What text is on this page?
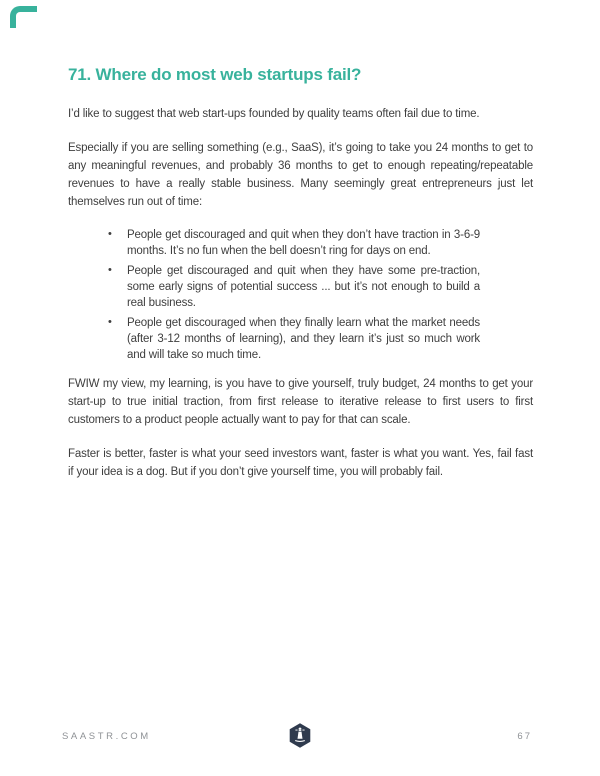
71. Where do most web startups fail?

I’d like to suggest that web start-ups founded by quality teams often fail due to time.

Especially if you are selling something (e.g., SaaS), it’s going to take you 24 months to get to any meaningful revenues, and probably 36 months to get to enough repeating/repeatable revenues to have a really stable business. Many seemingly great entrepreneurs just let themselves run out of time:

• People get discouraged and quit when they don’t have traction in 3-6-9 months. It’s no fun when the bell doesn’t ring for days on end.
• People get discouraged and quit when they have some pre-traction, some early signs of potential success ... but it’s not enough to build a real business.
• People get discouraged when they finally learn what the market needs (after 3-12 months of learning), and they learn it’s just so much work and will take so much time.

FWIW my view, my learning, is you have to give yourself, truly budget, 24 months to get your start-up to true initial traction, from first release to iterative release to first users to first customers to a product people actually want to pay for that can scale.

Faster is better, faster is what your seed investors want, faster is what you want. Yes, fail fast if your idea is a dog. But if you don’t give yourself time, you will probably fail.

SAASTR.COM	67
